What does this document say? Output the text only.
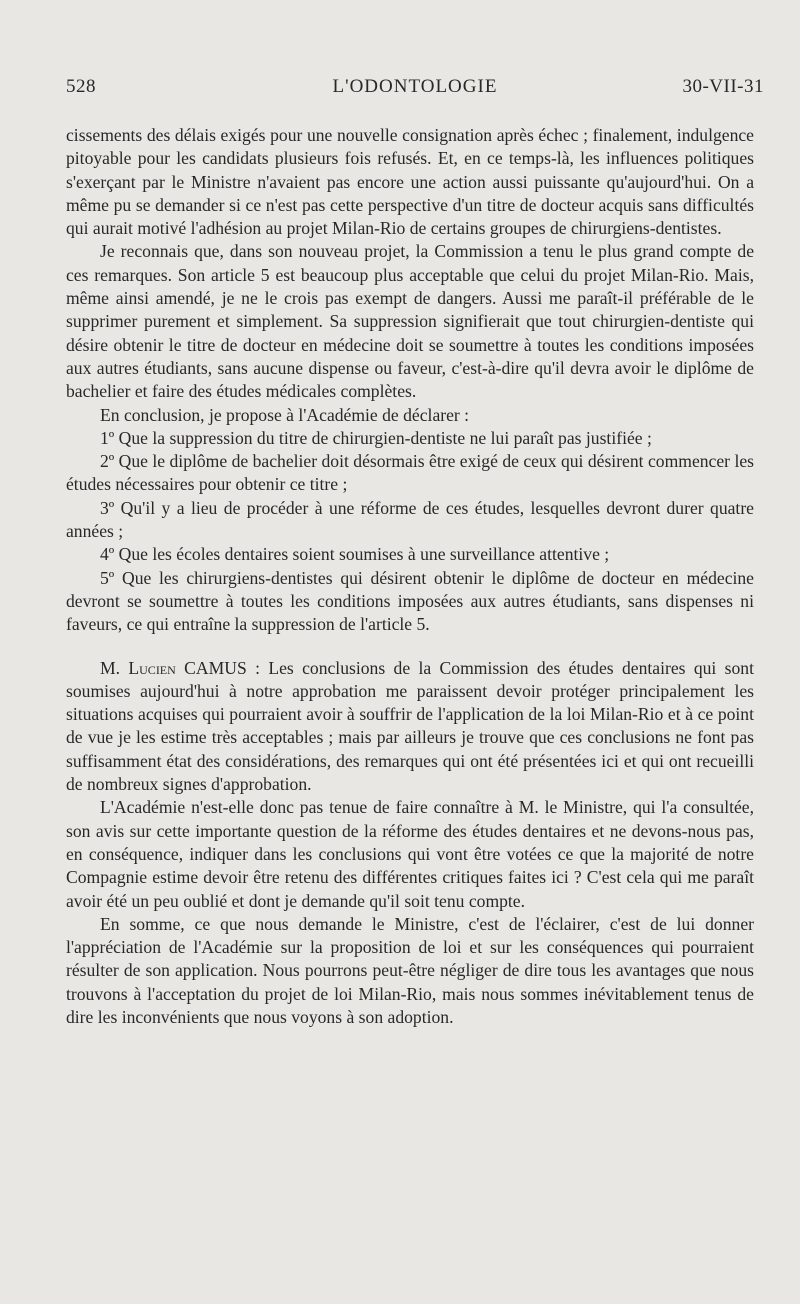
528	L'ODONTOLOGIE	30-VII-31

cissements des délais exigés pour une nouvelle consignation après échec ; finalement, indulgence pitoyable pour les candidats plusieurs fois refusés. Et, en ce temps-là, les influences politiques s'exerçant par le Ministre n'avaient pas encore une action aussi puissante qu'aujourd'hui. On a même pu se demander si ce n'est pas cette perspective d'un titre de docteur acquis sans difficultés qui aurait motivé l'adhésion au projet Milan-Rio de certains groupes de chirurgiens-dentistes.

Je reconnais que, dans son nouveau projet, la Commission a tenu le plus grand compte de ces remarques. Son article 5 est beaucoup plus acceptable que celui du projet Milan-Rio. Mais, même ainsi amendé, je ne le crois pas exempt de dangers. Aussi me paraît-il préférable de le supprimer purement et simplement. Sa suppression signifierait que tout chirurgien-dentiste qui désire obtenir le titre de docteur en médecine doit se soumettre à toutes les conditions imposées aux autres étudiants, sans aucune dispense ou faveur, c'est-à-dire qu'il devra avoir le diplôme de bachelier et faire des études médicales complètes.

En conclusion, je propose à l'Académie de déclarer :

1º Que la suppression du titre de chirurgien-dentiste ne lui paraît pas justifiée ;

2º Que le diplôme de bachelier doit désormais être exigé de ceux qui désirent commencer les études nécessaires pour obtenir ce titre ;

3º Qu'il y a lieu de procéder à une réforme de ces études, lesquelles devront durer quatre années ;

4º Que les écoles dentaires soient soumises à une surveillance attentive ;

5º Que les chirurgiens-dentistes qui désirent obtenir le diplôme de docteur en médecine devront se soumettre à toutes les conditions imposées aux autres étudiants, sans dispenses ni faveurs, ce qui entraîne la suppression de l'article 5.

M. Lucien CAMUS : Les conclusions de la Commission des études dentaires qui sont soumises aujourd'hui à notre approbation me paraissent devoir protéger principalement les situations acquises qui pourraient avoir à souffrir de l'application de la loi Milan-Rio et à ce point de vue je les estime très acceptables ; mais par ailleurs je trouve que ces conclusions ne font pas suffisamment état des considérations, des remarques qui ont été présentées ici et qui ont recueilli de nombreux signes d'approbation.

L'Académie n'est-elle donc pas tenue de faire connaître à M. le Ministre, qui l'a consultée, son avis sur cette importante question de la réforme des études dentaires et ne devons-nous pas, en conséquence, indiquer dans les conclusions qui vont être votées ce que la majorité de notre Compagnie estime devoir être retenu des différentes critiques faites ici ? C'est cela qui me paraît avoir été un peu oublié et dont je demande qu'il soit tenu compte.

En somme, ce que nous demande le Ministre, c'est de l'éclairer, c'est de lui donner l'appréciation de l'Académie sur la proposition de loi et sur les conséquences qui pourraient résulter de son application. Nous pourrons peut-être négliger de dire tous les avantages que nous trouvons à l'acceptation du projet de loi Milan-Rio, mais nous sommes inévitablement tenus de dire les inconvénients que nous voyons à son adoption.
